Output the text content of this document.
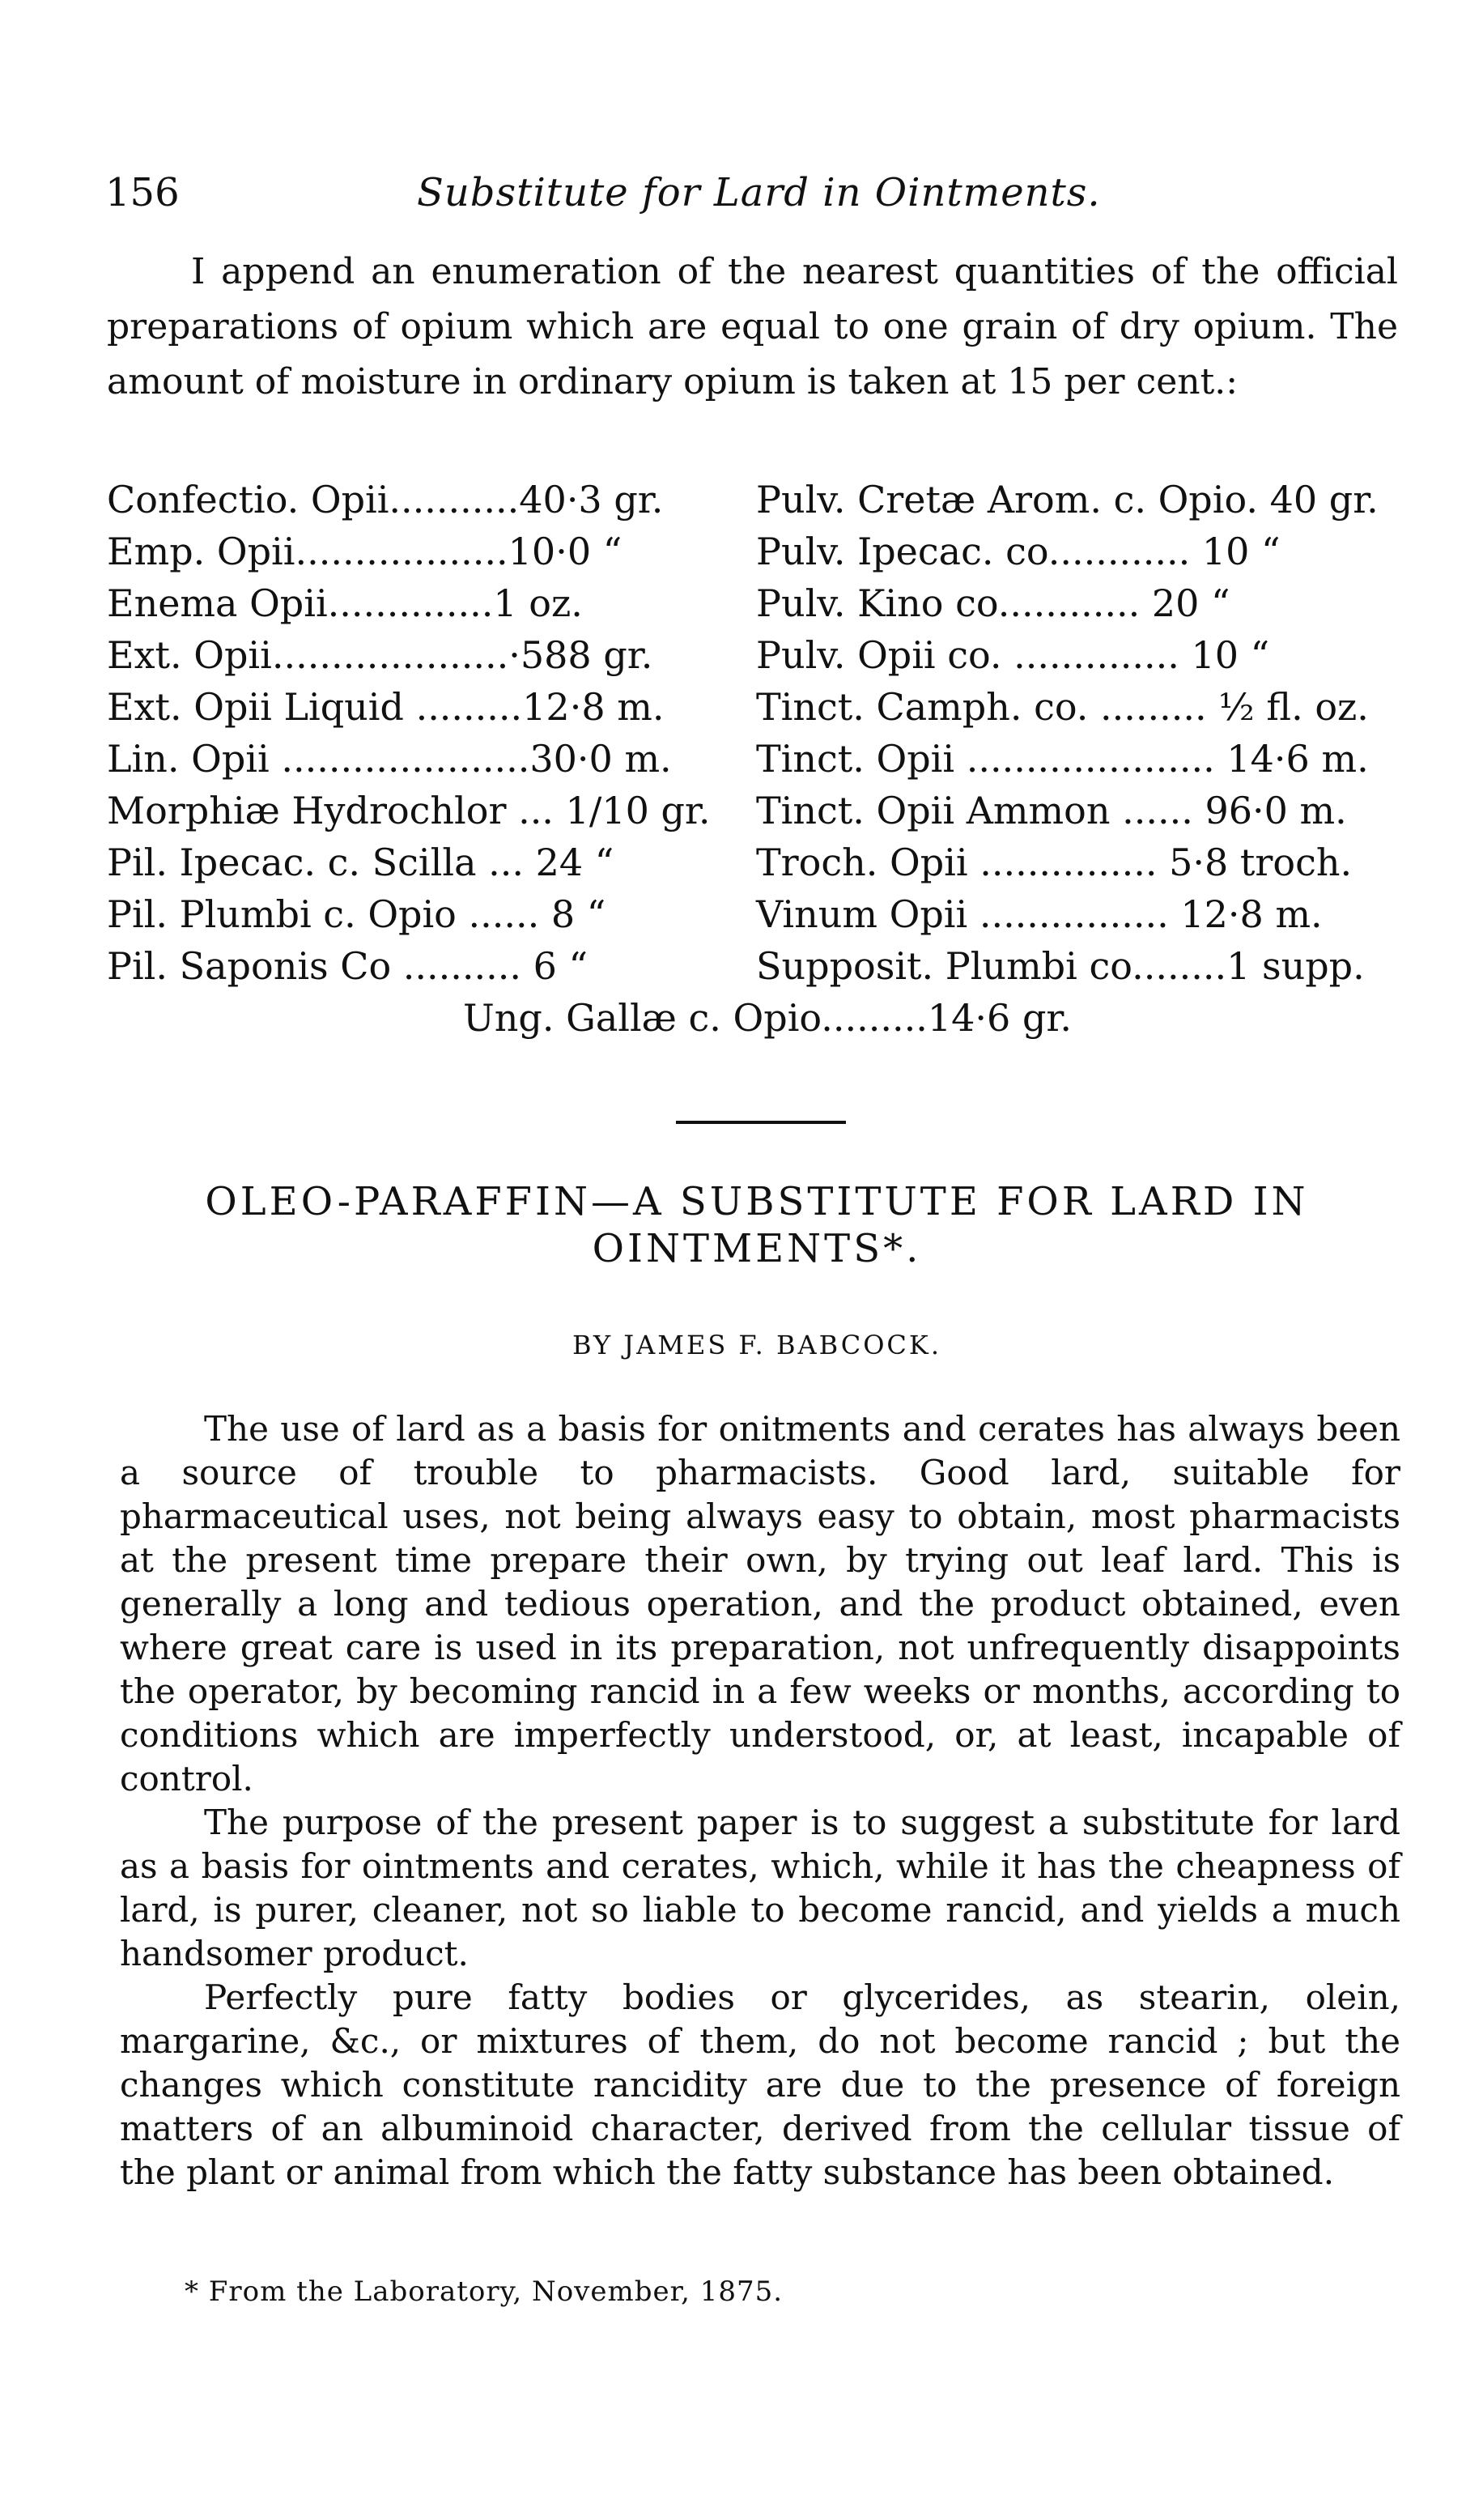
156	Substitute for Lard in Ointments.

I append an enumeration of the nearest quantities of the official preparations of opium which are equal to one grain of dry opium. The amount of moisture in ordinary opium is taken at 15 per cent.:

Confectio. Opii...........40·3 gr. Pulv. Cretæ Arom. c. Opio. 40 gr.
Emp. Opii..................10·0 “	Pulv. Ipecac. co............ 10 “
Enema Opii..............1 oz.	Pulv. Kino co............ 20 “
Ext. Opii....................·588 gr.	Pulv. Opii co. .............. 10 “
Ext. Opii Liquid .........12·8 m. Tinct. Camph. co. ......... ½ fl. oz.
Lin. Opii .....................30·0 m. Tinct. Opii ..................... 14·6 m.
Morphiæ Hydrochlor ... 1/10 gr. Tinct. Opii Ammon ...... 96·0 m.
Pil. Ipecac. c. Scilla ... 24 “	Troch. Opii ............... 5·8 troch.
Pil. Plumbi c. Opio ...... 8 “	Vinum Opii ................ 12·8 m.
Pil. Saponis Co .......... 6 “	Supposit. Plumbi co........1 supp.
Ung. Gallæ c. Opio.........14·6 gr.
OLEO-PARAFFIN—A SUBSTITUTE FOR LARD IN OINTMENTS*.
BY JAMES F. BABCOCK.

The use of lard as a basis for onitments and cerates has always been a source of trouble to pharmacists. Good lard, suitable for pharmaceutical uses, not being always easy to obtain, most pharmacists at the present time prepare their own, by trying out leaf lard. This is generally a long and tedious operation, and the product obtained, even where great care is used in its preparation, not unfrequently disappoints the operator, by becoming rancid in a few weeks or months, according to conditions which are imperfectly understood, or, at least, incapable of control.

The purpose of the present paper is to suggest a substitute for lard as a basis for ointments and cerates, which, while it has the cheapness of lard, is purer, cleaner, not so liable to become rancid, and yields a much handsomer product.

Perfectly pure fatty bodies or glycerides, as stearin, olein, margarine, &c., or mixtures of them, do not become rancid ; but the changes which constitute rancidity are due to the presence of foreign matters of an albuminoid character, derived from the cellular tissue of the plant or animal from which the fatty substance has been obtained.

* From the Laboratory, November, 1875.
